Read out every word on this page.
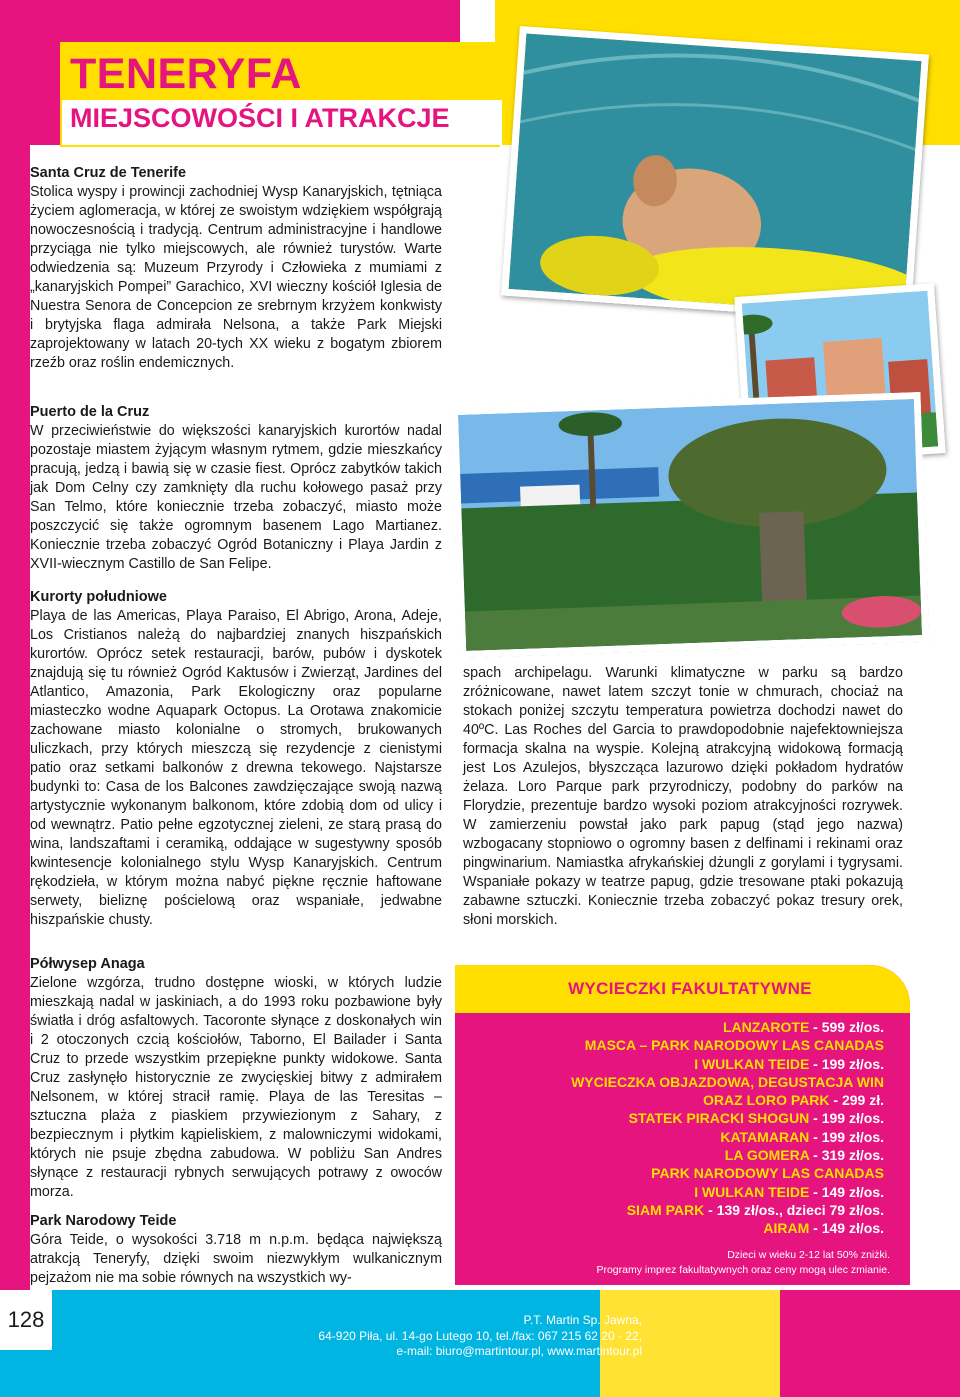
TENERYFA
MIEJSCOWOŚCI I ATRAKCJE
Santa Cruz de Tenerife

Stolica wyspy i prowincji zachodniej Wysp Kanaryjskich, tętniąca życiem aglomeracja, w której ze swoistym wdziękiem współgrają nowoczesnością i tradycją. Centrum administracyjne i handlowe przyciąga nie tylko miejscowych, ale również turystów. Warte odwiedzenia są: Muzeum Przyrody i Człowieka z mumiami z „kanaryjskich Pompei” Garachico, XVI wieczny kościół Iglesia de Nuestra Senora de Concepcion ze srebrnym krzyżem konkwisty i brytyjska flaga admirała Nelsona, a także Park Miejski zaprojektowany w latach 20-tych XX wieku z bogatym zbiorem rzeźb oraz roślin endemicznych.

Puerto de la Cruz

W przeciwieństwie do większości kanaryjskich kurortów nadal pozostaje miastem żyjącym własnym rytmem, gdzie mieszkańcy pracują, jedzą i bawią się w czasie fiest. Oprócz zabytków takich jak Dom Celny czy zamknięty dla ruchu kołowego pasaż przy San Telmo, które koniecznie trzeba zobaczyć, miasto może poszczycić się także ogromnym basenem Lago Martianez. Koniecznie trzeba zobaczyć Ogród Botaniczny i Playa Jardin z XVII-wiecznym Castillo de San Felipe.

Kurorty południowe

Playa de las Americas, Playa Paraiso, El Abrigo, Arona, Adeje, Los Cristianos należą do najbardziej znanych hiszpańskich kurortów. Oprócz setek restauracji, barów, pubów i dyskotek znajdują się tu również Ogród Kaktusów i Zwierząt, Jardines del Atlantico, Amazonia, Park Ekologiczny oraz popularne miasteczko wodne Aquapark Octopus. La Orotawa znakomicie zachowane miasto kolonialne o stromych, brukowanych uliczkach, przy których mieszczą się rezydencje z cienistymi patio oraz setkami balkonów z drewna tekowego. Najstarsze budynki to: Casa de los Balcones zawdzięczające swoją nazwą artystycznie wykonanym balkonom, które zdobią dom od ulicy i od wewnątrz. Patio pełne egzotycznej zieleni, ze starą prasą do wina, landszaftami i ceramiką, oddające w sugestywny sposób kwintesencje kolonialnego stylu Wysp Kanaryjskich. Centrum rękodzieła, w którym można nabyć piękne ręcznie haftowane serwety, bieliznę pościelową oraz wspaniałe, jedwabne hiszpańskie chusty.

Półwysep Anaga

Zielone wzgórza, trudno dostępne wioski, w których ludzie mieszkają nadal w jaskiniach, a do 1993 roku pozbawione były światła i dróg asfaltowych. Tacoronte słynące z doskonałych win i 2 otoczonych czcią kościołów, Taborno, El Bailader i Santa Cruz to przede wszystkim przepiękne punkty widokowe. Santa Cruz zasłynęło historycznie ze zwycięskiej bitwy z admirałem Nelsonem, w której stracił ramię. Playa de las Teresitas – sztuczna plaża z piaskiem przywiezionym z Sahary, z bezpiecznym i płytkim kąpieliskiem, z malowniczymi widokami, których nie psuje zbędna zabudowa. W pobliżu San Andres słynące z restauracji rybnych serwujących potrawy z owoców morza.

Park Narodowy Teide

Góra Teide, o wysokości 3.718 m n.p.m. będąca największą atrakcją Teneryfy, dzięki swoim niezwykłym wulkanicznym pejzażom nie ma sobie równych na wszystkich wy-

spach archipelagu. Warunki klimatyczne w parku są bardzo zróżnicowane, nawet latem szczyt tonie w chmurach, chociaż na stokach poniżej szczytu temperatura powietrza dochodzi nawet do 40ºC. Las Roches del Garcia to prawdopodobnie najefektowniejsza formacja skalna na wyspie. Kolejną atrakcyjną widokową formacją jest Los Azulejos, błyszcząca lazurowo dzięki pokładom hydratów żelaza. Loro Parque park przyrodniczy, podobny do parków na Florydzie, prezentuje bardzo wysoki poziom atrakcyjności rozrywek. W zamierzeniu powstał jako park papug (stąd jego nazwa) wzbogacany stopniowo o ogromny basen z delfinami i rekinami oraz pingwinarium. Namiastka afrykańskiej dżungli z gorylami i tygrysami. Wspaniałe pokazy w teatrze papug, gdzie tresowane ptaki pokazują zabawne sztuczki. Koniecznie trzeba zobaczyć pokaz tresury orek, słoni morskich.

WYCIECZKI FAKULTATYWNE
LANZAROTE - 599 zł/os.
MASCA – PARK NARODOWY LAS CANADAS
I WULKAN TEIDE - 199 zł/os.
WYCIECZKA OBJAZDOWA, DEGUSTACJA WIN
ORAZ LORO PARK - 299 zł.
STATEK PIRACKI SHOGUN - 199 zł/os.
KATAMARAN - 199 zł/os.
LA GOMERA - 319 zł/os.
PARK NARODOWY LAS CANADAS
I WULKAN TEIDE - 149 zł/os.
SIAM PARK - 139 zł/os., dzieci 79 zł/os.
AIRAM - 149 zł/os.
Dzieci w wieku 2-12 lat 50% zniżki.
Programy imprez fakultatywnych oraz ceny mogą ulec zmianie.
128	P.T. Martin Sp. Jawna,
64-920 Piła, ul. 14-go Lutego 10, tel./fax: 067 215 62 20 - 22,
e-mail: biuro@martintour.pl, www.martintour.pl
